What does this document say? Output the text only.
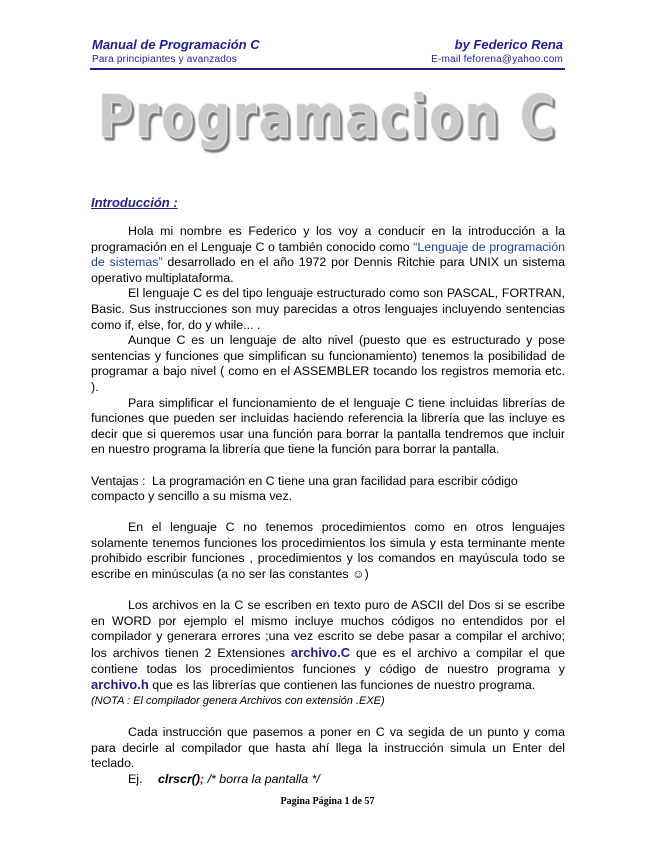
Manual de Programación C
Para principiantes y avanzados
by Federico Rena
E-mail feforena@yahoo.com
Programacion C
Introducción :

Hola mi nombre es Federico y los voy a conducir en la introducción a la programación en el Lenguaje C o también conocido como “Lenguaje de programación de sistemas” desarrollado en el año 1972 por Dennis Ritchie para UNIX un sistema operativo multiplataforma.

El lenguaje C es del tipo lenguaje estructurado como son PASCAL, FORTRAN, Basic. Sus instrucciones son muy parecidas a otros lenguajes incluyendo sentencias como if, else, for, do y while... .

Aunque C es un lenguaje de alto nivel (puesto que es estructurado y pose sentencias y funciones que simplifican su funcionamiento) tenemos la posibilidad de programar a bajo nivel ( como en el ASSEMBLER tocando los registros memoria etc. ).

Para simplificar el funcionamiento de el lenguaje C tiene incluidas librerías de funciones que pueden ser incluidas haciendo referencia la librería que las incluye es decir que si queremos usar una función para borrar la pantalla tendremos que incluir en nuestro programa la librería que tiene la función para borrar la pantalla.

Ventajas : La programación en C tiene una gran facilidad para escribir código

compacto y sencillo a su misma vez.

En el lenguaje C no tenemos procedimientos como en otros lenguajes solamente tenemos funciones los procedimientos los simula y esta terminante mente prohibido escribir funciones , procedimientos y los comandos en mayúscula todo se escribe en minúsculas (a no ser las constantes ☺)

Los archivos en la C se escriben en texto puro de ASCII del Dos si se escribe en WORD por ejemplo el mismo incluye muchos códigos no entendidos por el compilador y generara errores ;una vez escrito se debe pasar a compilar el archivo; los archivos tienen 2 Extensiones archivo.C que es el archivo a compilar el que contiene todas los procedimientos funciones y código de nuestro programa y archivo.h que es las librerías que contienen las funciones de nuestro programa.

(NOTA : El compilador genera Archivos con extensión .EXE)

Cada instrucción que pasemos a poner en C va segida de un punto y coma para decirle al compilador que hasta ahí llega la instrucción simula un Enter del teclado.

Ej.	clrscr(); /* borra la pantalla */
Pagina Página 1 de 57
